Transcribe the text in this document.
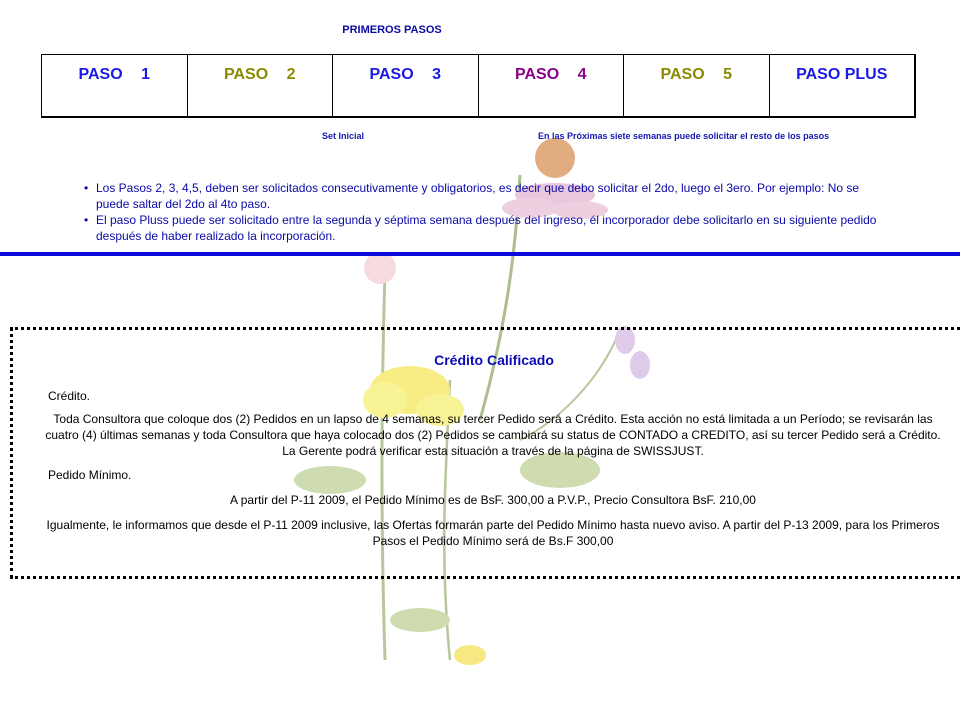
PRIMEROS PASOS
PASO 1	PASO 2	PASO 3	PASO 4	PASO 5	PASO PLUS
Set Inicial	En las Próximas siete semanas puede solicitar el resto de los pasos

• Los Pasos 2, 3, 4,5, deben ser solicitados consecutivamente y obligatorios, es decir que debo solicitar el 2do, luego el 3ero. Por ejemplo: No se puede saltar del 2do al 4to paso.

• El paso Pluss puede ser solicitado entre la segunda y séptima semana después del ingreso, él incorporador debe solicitarlo en su siguiente pedido después de haber realizado la incorporación.

Crédito Calificado
Crédito.
Toda Consultora que coloque dos (2) Pedidos en un lapso de 4 semanas, su tercer Pedido será a Crédito. Esta acción no está limitada a un Período; se revisarán las cuatro (4) últimas semanas y toda Consultora que haya colocado dos (2) Pedidos se cambiará su status de CONTADO a CREDITO, así su tercer Pedido será a Crédito. La Gerente podrá verificar esta situación a través de la página de SWISSJUST.
Pedido Mínimo.
A partir del P-11 2009, el Pedido Mínimo es de BsF. 300,00 a P.V.P., Precio Consultora BsF. 210,00
Igualmente, le informamos que desde el P-11 2009 inclusive, las Ofertas formarán parte del Pedido Mínimo hasta nuevo aviso. A partir del P-13 2009, para los Primeros Pasos el Pedido Mínimo será de Bs.F 300,00
